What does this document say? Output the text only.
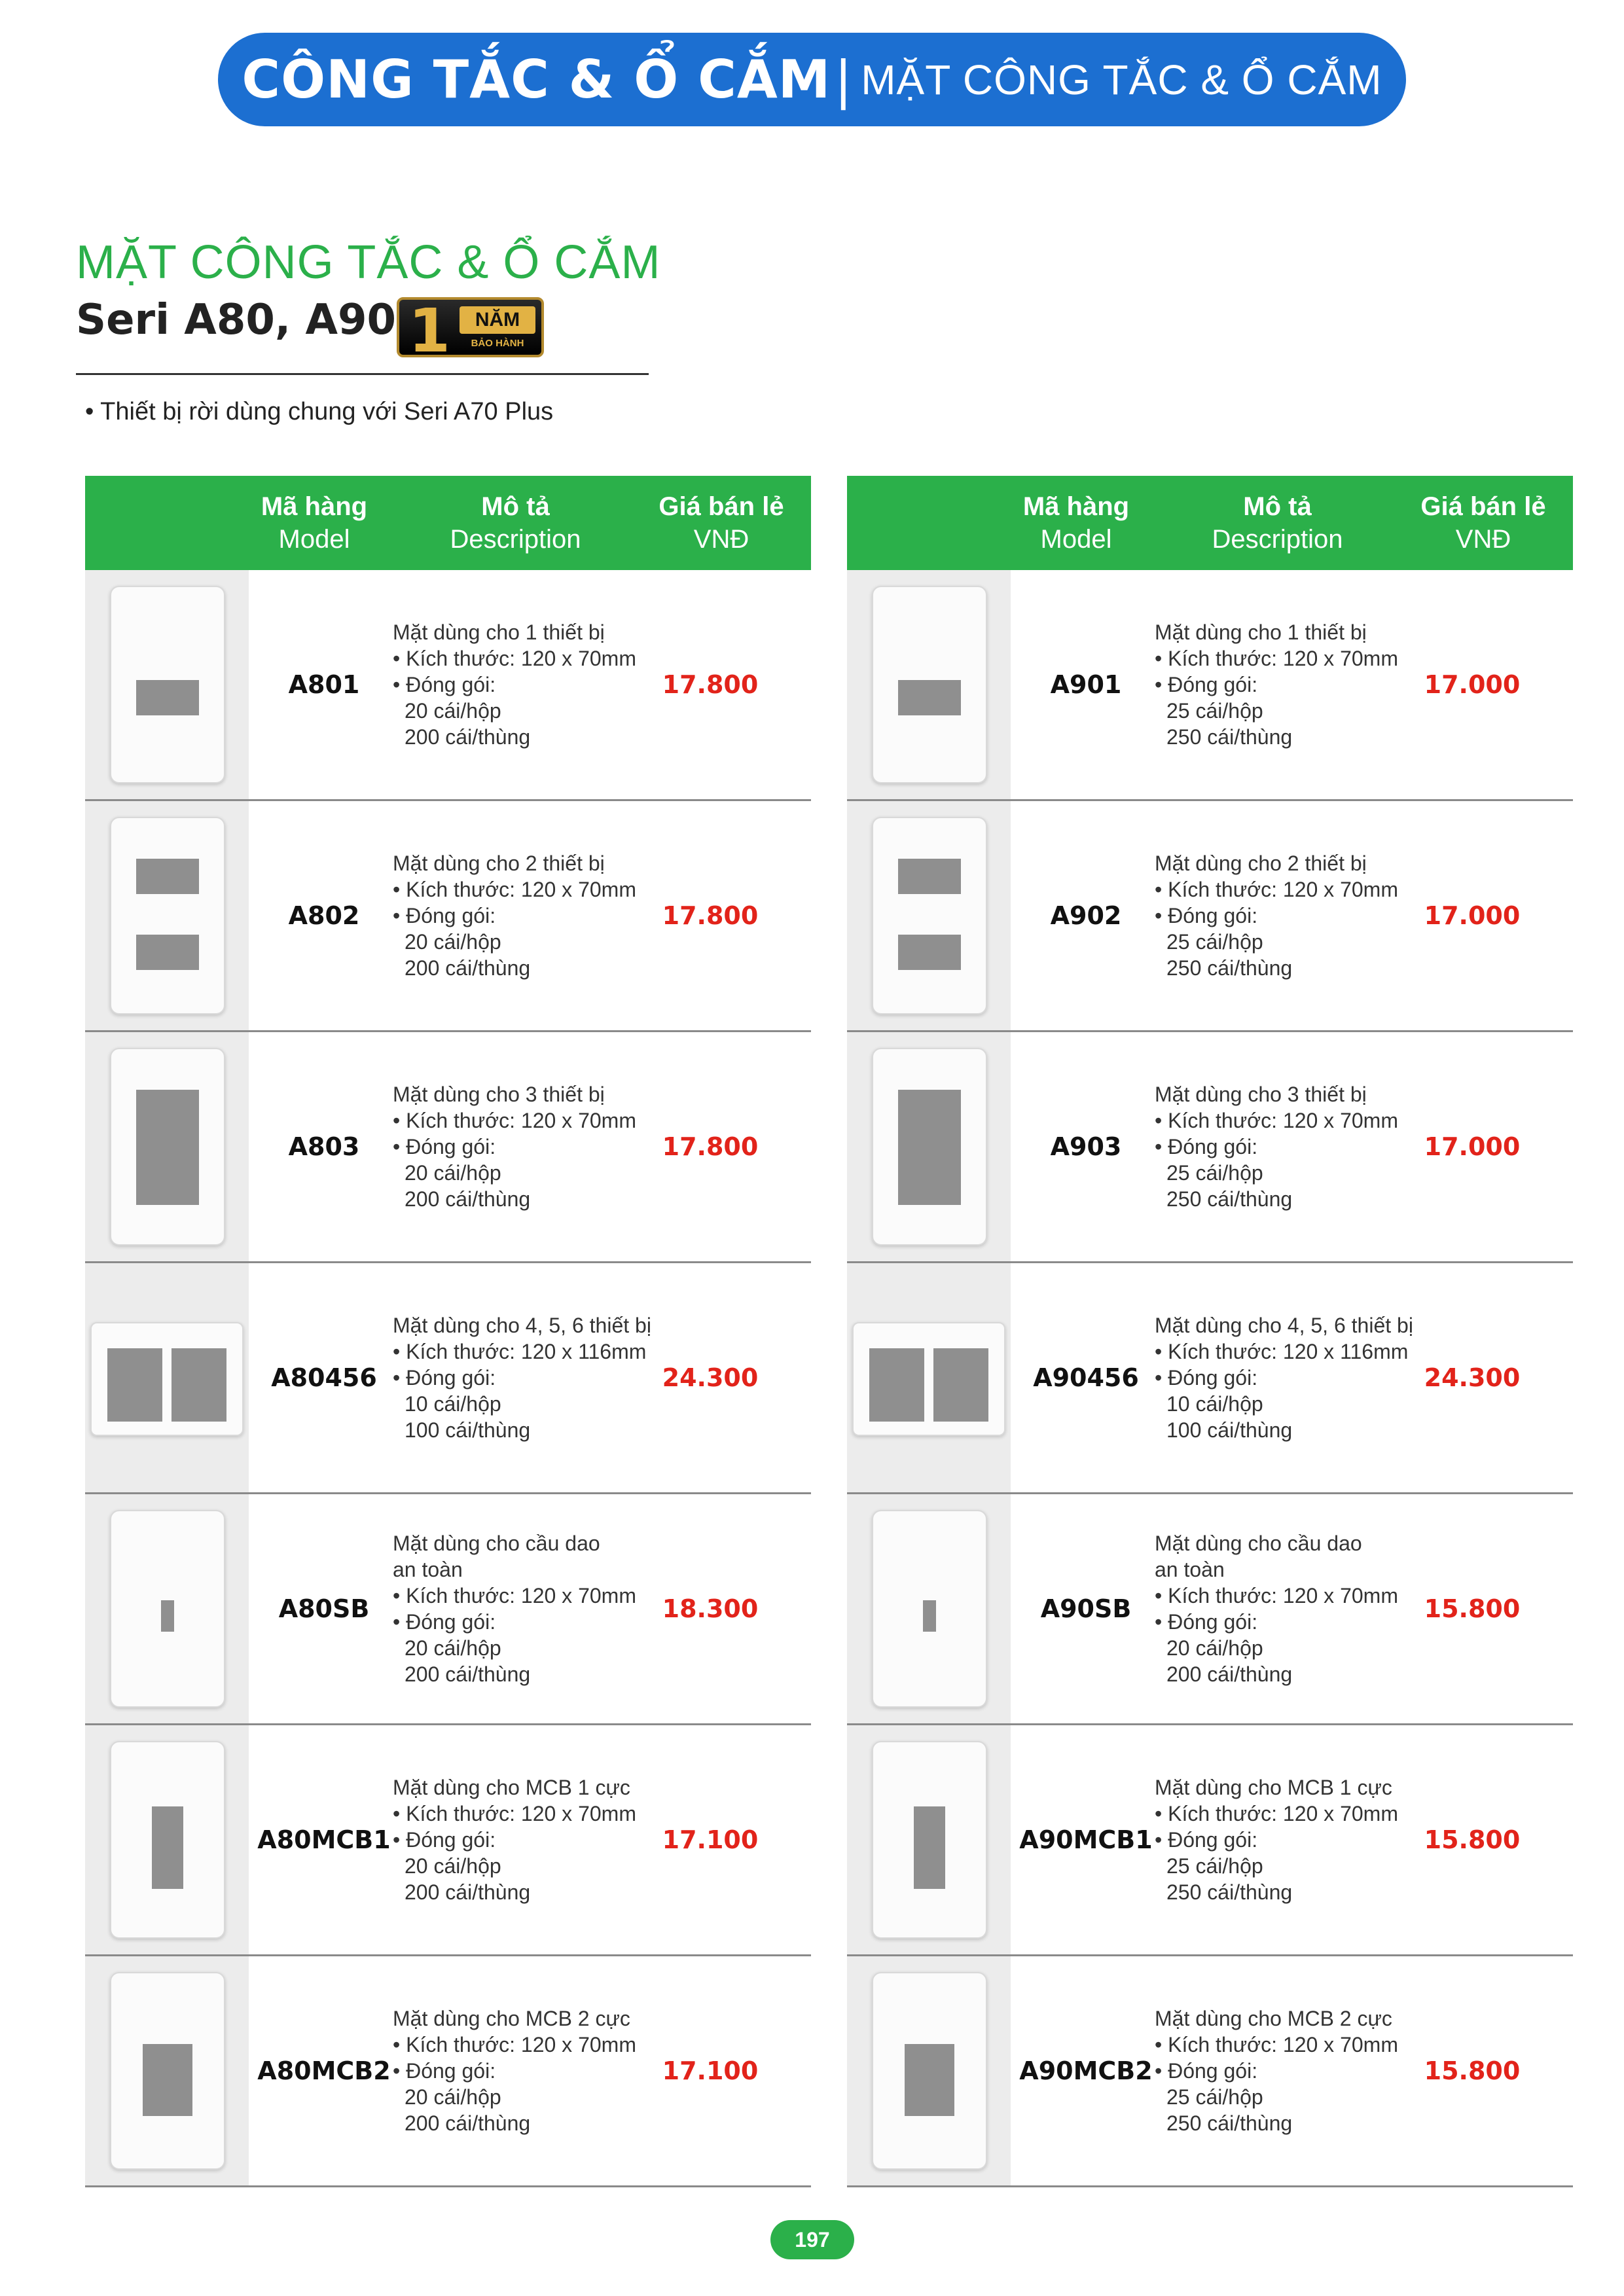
CÔNG TẮC & Ổ CẮM | MẶT CÔNG TẮC & Ổ CẮM
MẶT CÔNG TẮC & Ổ CẮM
Seri A80, A90 1	NĂM
BẢO HÀNH
• Thiết bị rời dùng chung với Seri A70 Plus
Mã hàng
Model
Mô tả
Description
Giá bán lẻ
VNĐ
A801
Mặt dùng cho 1 thiết bị
• Kích thước: 120 x 70mm
• Đóng gói:
20 cái/hộp
200 cái/thùng
17.800
A802
Mặt dùng cho 2 thiết bị
• Kích thước: 120 x 70mm
• Đóng gói:
20 cái/hộp
200 cái/thùng
17.800
A803
Mặt dùng cho 3 thiết bị
• Kích thước: 120 x 70mm
• Đóng gói:
20 cái/hộp
200 cái/thùng
17.800
A80456
Mặt dùng cho 4, 5, 6 thiết bị
• Kích thước: 120 x 116mm
• Đóng gói:
10 cái/hộp
100 cái/thùng
24.300
A80SB
Mặt dùng cho cầu dao
an toàn
• Kích thước: 120 x 70mm
• Đóng gói:
20 cái/hộp
200 cái/thùng
18.300
A80MCB1
Mặt dùng cho MCB 1 cực
• Kích thước: 120 x 70mm
• Đóng gói:
20 cái/hộp
200 cái/thùng
17.100
A80MCB2
Mặt dùng cho MCB 2 cực
• Kích thước: 120 x 70mm
• Đóng gói:
20 cái/hộp
200 cái/thùng
17.100
Mã hàng
Model
Mô tả
Description
Giá bán lẻ
VNĐ
A901
Mặt dùng cho 1 thiết bị
• Kích thước: 120 x 70mm
• Đóng gói:
25 cái/hộp
250 cái/thùng
17.000
A902
Mặt dùng cho 2 thiết bị
• Kích thước: 120 x 70mm
• Đóng gói:
25 cái/hộp
250 cái/thùng
17.000
A903
Mặt dùng cho 3 thiết bị
• Kích thước: 120 x 70mm
• Đóng gói:
25 cái/hộp
250 cái/thùng
17.000
A90456
Mặt dùng cho 4, 5, 6 thiết bị
• Kích thước: 120 x 116mm
• Đóng gói:
10 cái/hộp
100 cái/thùng
24.300
A90SB
Mặt dùng cho cầu dao
an toàn
• Kích thước: 120 x 70mm
• Đóng gói:
20 cái/hộp
200 cái/thùng
15.800
A90MCB1
Mặt dùng cho MCB 1 cực
• Kích thước: 120 x 70mm
• Đóng gói:
25 cái/hộp
250 cái/thùng
15.800
A90MCB2
Mặt dùng cho MCB 2 cực
• Kích thước: 120 x 70mm
• Đóng gói:
25 cái/hộp
250 cái/thùng
15.800
197
